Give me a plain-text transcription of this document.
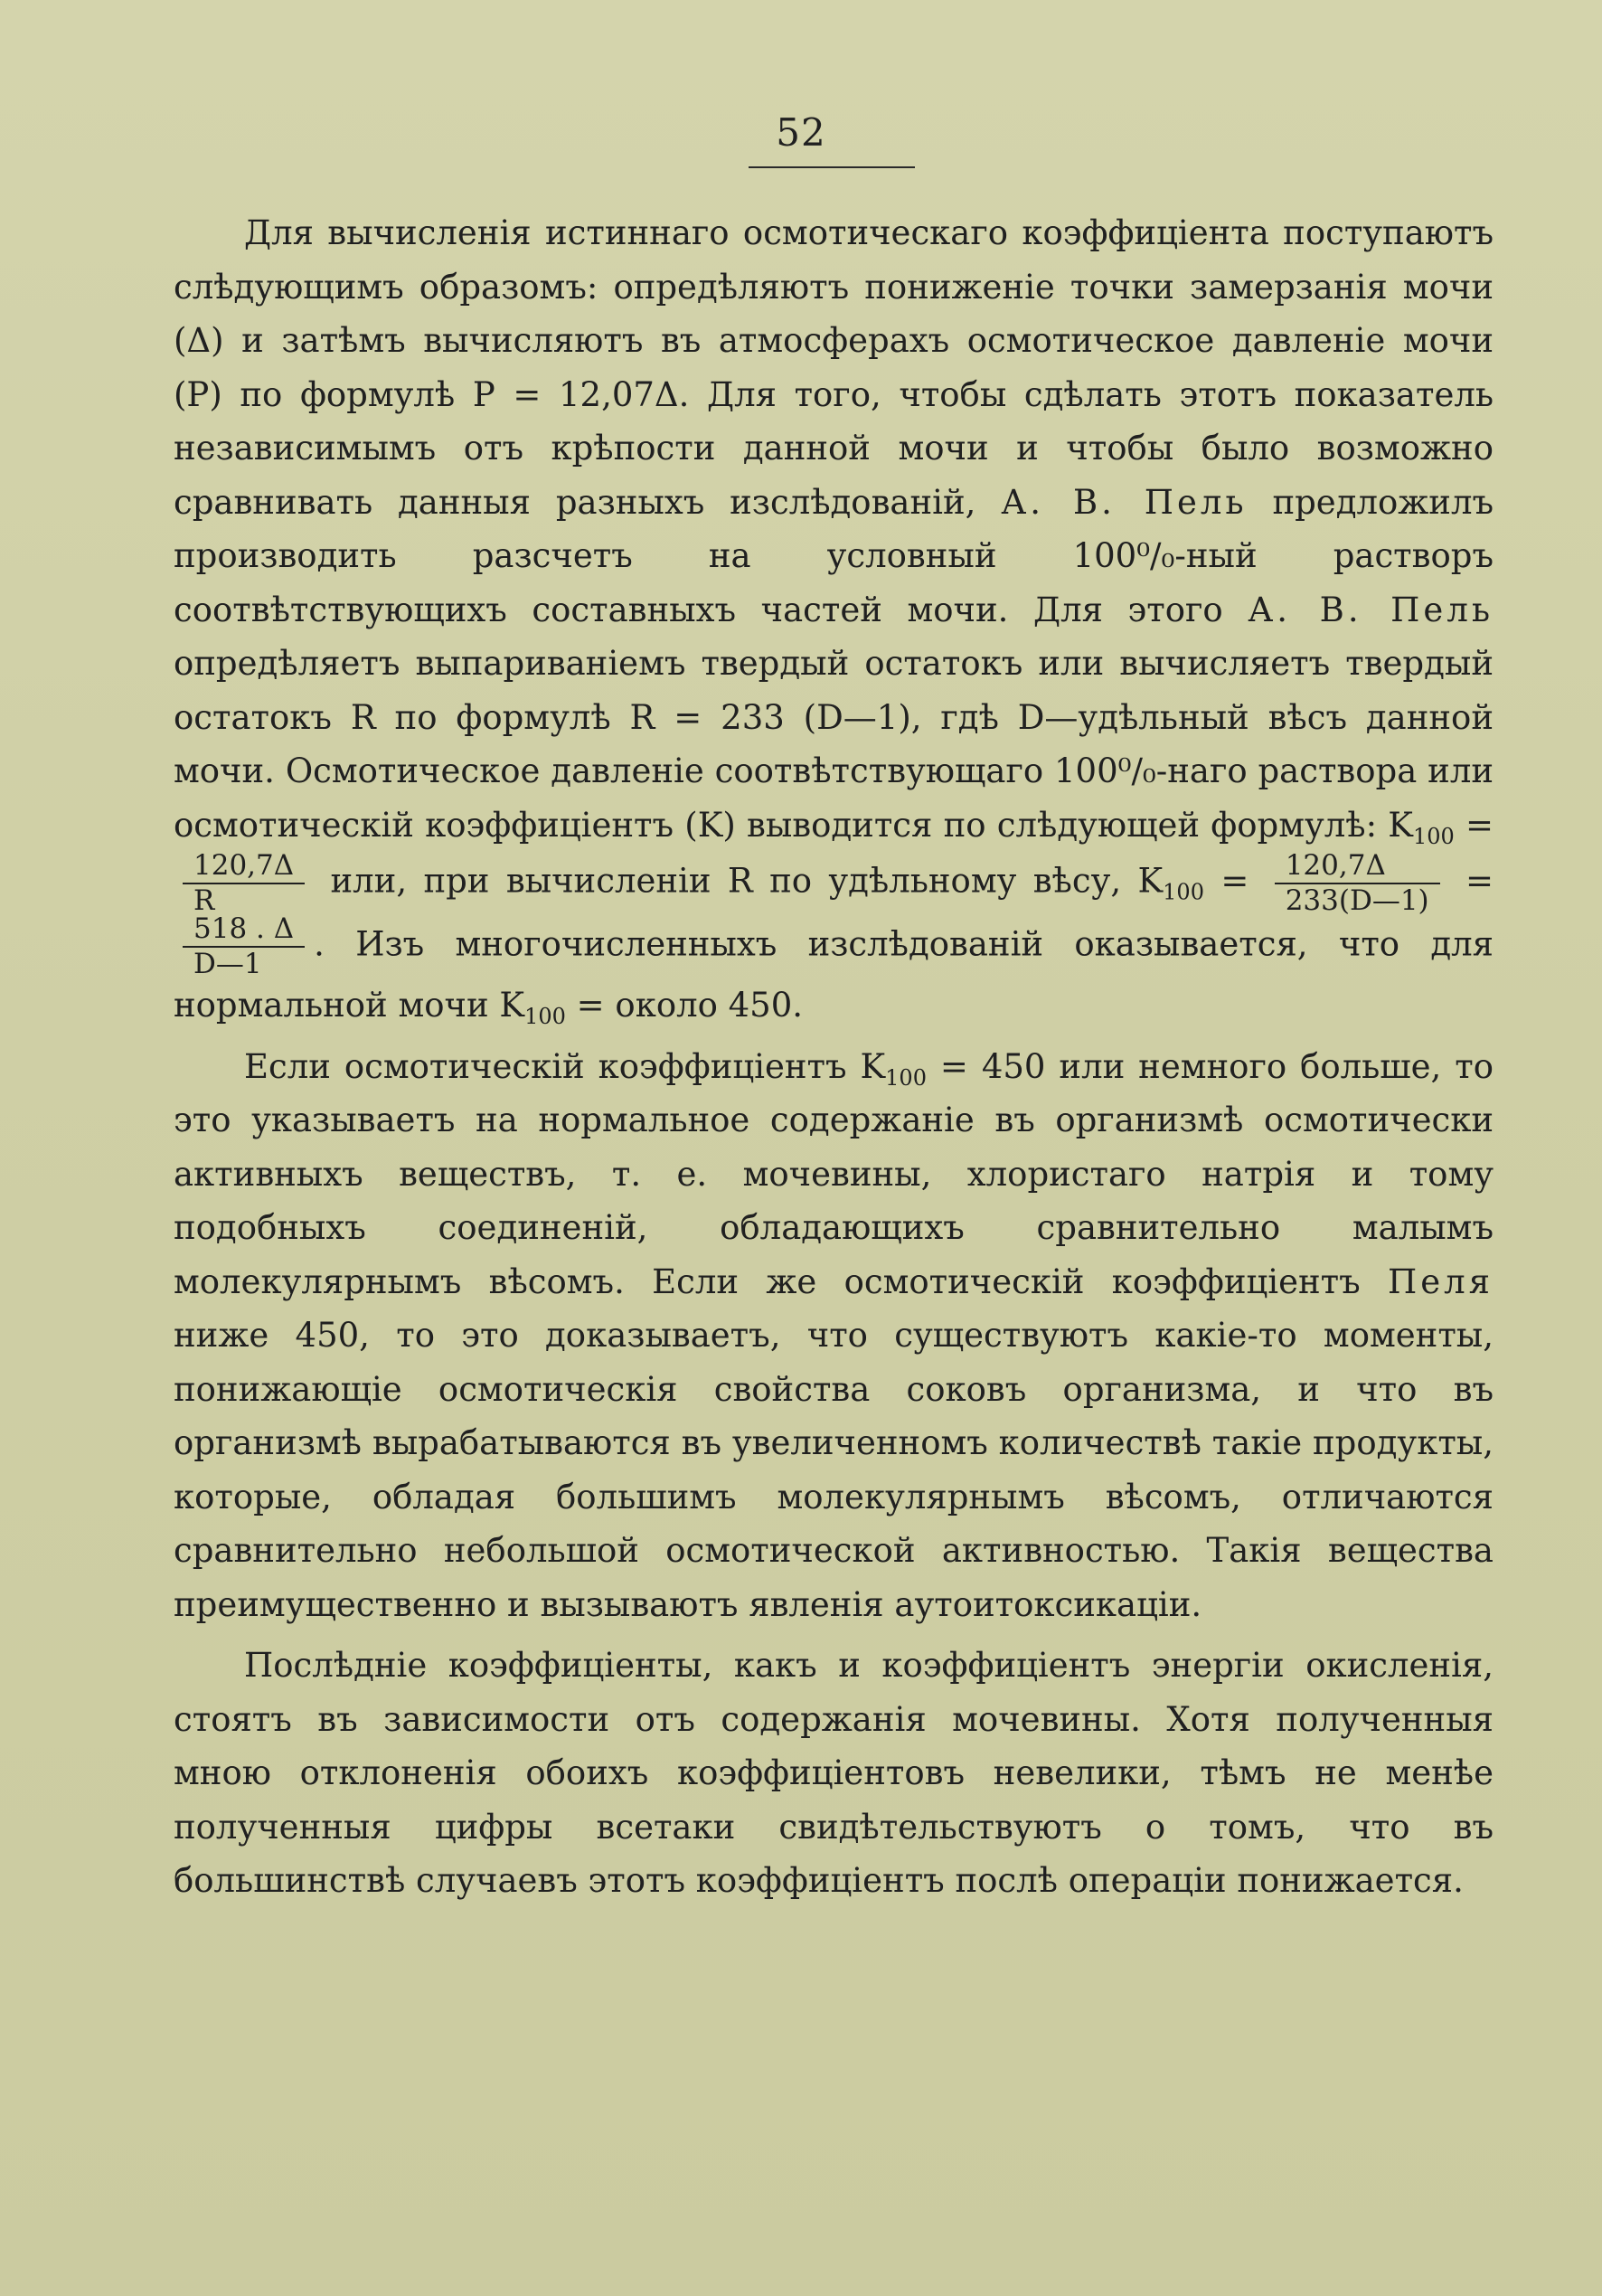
52

Для вычисленія истиннаго осмотическаго коэффиціента поступаютъ слѣдующимъ образомъ: опредѣляютъ пониженіе точки замерзанія мочи (Δ) и затѣмъ вычисляютъ въ атмосферахъ осмотическое давленіе мочи (P) по формулѣ P = 12,07Δ. Для того, чтобы сдѣлать этотъ показатель независимымъ отъ крѣпости данной мочи и чтобы было возможно сравнивать данныя разныхъ изслѣдованій, А. В. Пель предложилъ производить разсчетъ на условный 100⁰/₀-ный растворъ соотвѣтствующихъ составныхъ частей мочи. Для этого А. В. Пель опредѣляетъ выпариваніемъ твердый остатокъ или вычисляетъ твердый остатокъ R по формулѣ R = 233 (D—1), гдѣ D—удѣльный вѣсъ данной мочи. Осмотическое давленіе соотвѣтствующаго 100⁰/₀-наго раствора или осмотическій коэффиціентъ (K) выводится по слѣдующей формулѣ: $K_{100}$ =
$\frac{120,7\Delta}{R}$ или, при вычисленіи R по удѣльному вѣсу, $K_{100} = \frac{120,7\Delta}{233(D—1)}$ =
$\frac{518 . \Delta}{D—1}$ . Изъ многочисленныхъ изслѣдованій оказывается, что для нормальной мочи $K_{100}$ = около 450.

Если осмотическій коэффиціентъ $K_{100} = 450$ или немного больше, то это указываетъ на нормальное содержаніе въ организмѣ осмотически активныхъ веществъ, т. е. мочевины, хлористаго натрія и тому подобныхъ соединеній, обладающихъ сравнительно малымъ молекулярнымъ вѣсомъ. Если же осмотическій коэффиціентъ Пеля ниже 450, то это доказываетъ, что существуютъ какіе-то моменты, понижающіе осмотическія свойства соковъ организма, и что въ организмѣ вырабатываются въ увеличенномъ количествѣ такіе продукты, которые, обладая большимъ молекулярнымъ вѣсомъ, отличаются сравнительно небольшой осмотической активностью. Такія вещества преимущественно и вызываютъ явленія аутоитоксикаціи.

Послѣдніе коэффиціенты, какъ и коэффиціентъ энергіи окисленія, стоятъ въ зависимости отъ содержанія мочевины. Хотя полученныя мною отклоненія обоихъ коэффиціентовъ невелики, тѣмъ не менѣе полученныя цифры всетаки свидѣтельствуютъ о томъ, что въ большинствѣ случаевъ этотъ коэффиціентъ послѣ операціи понижается.
